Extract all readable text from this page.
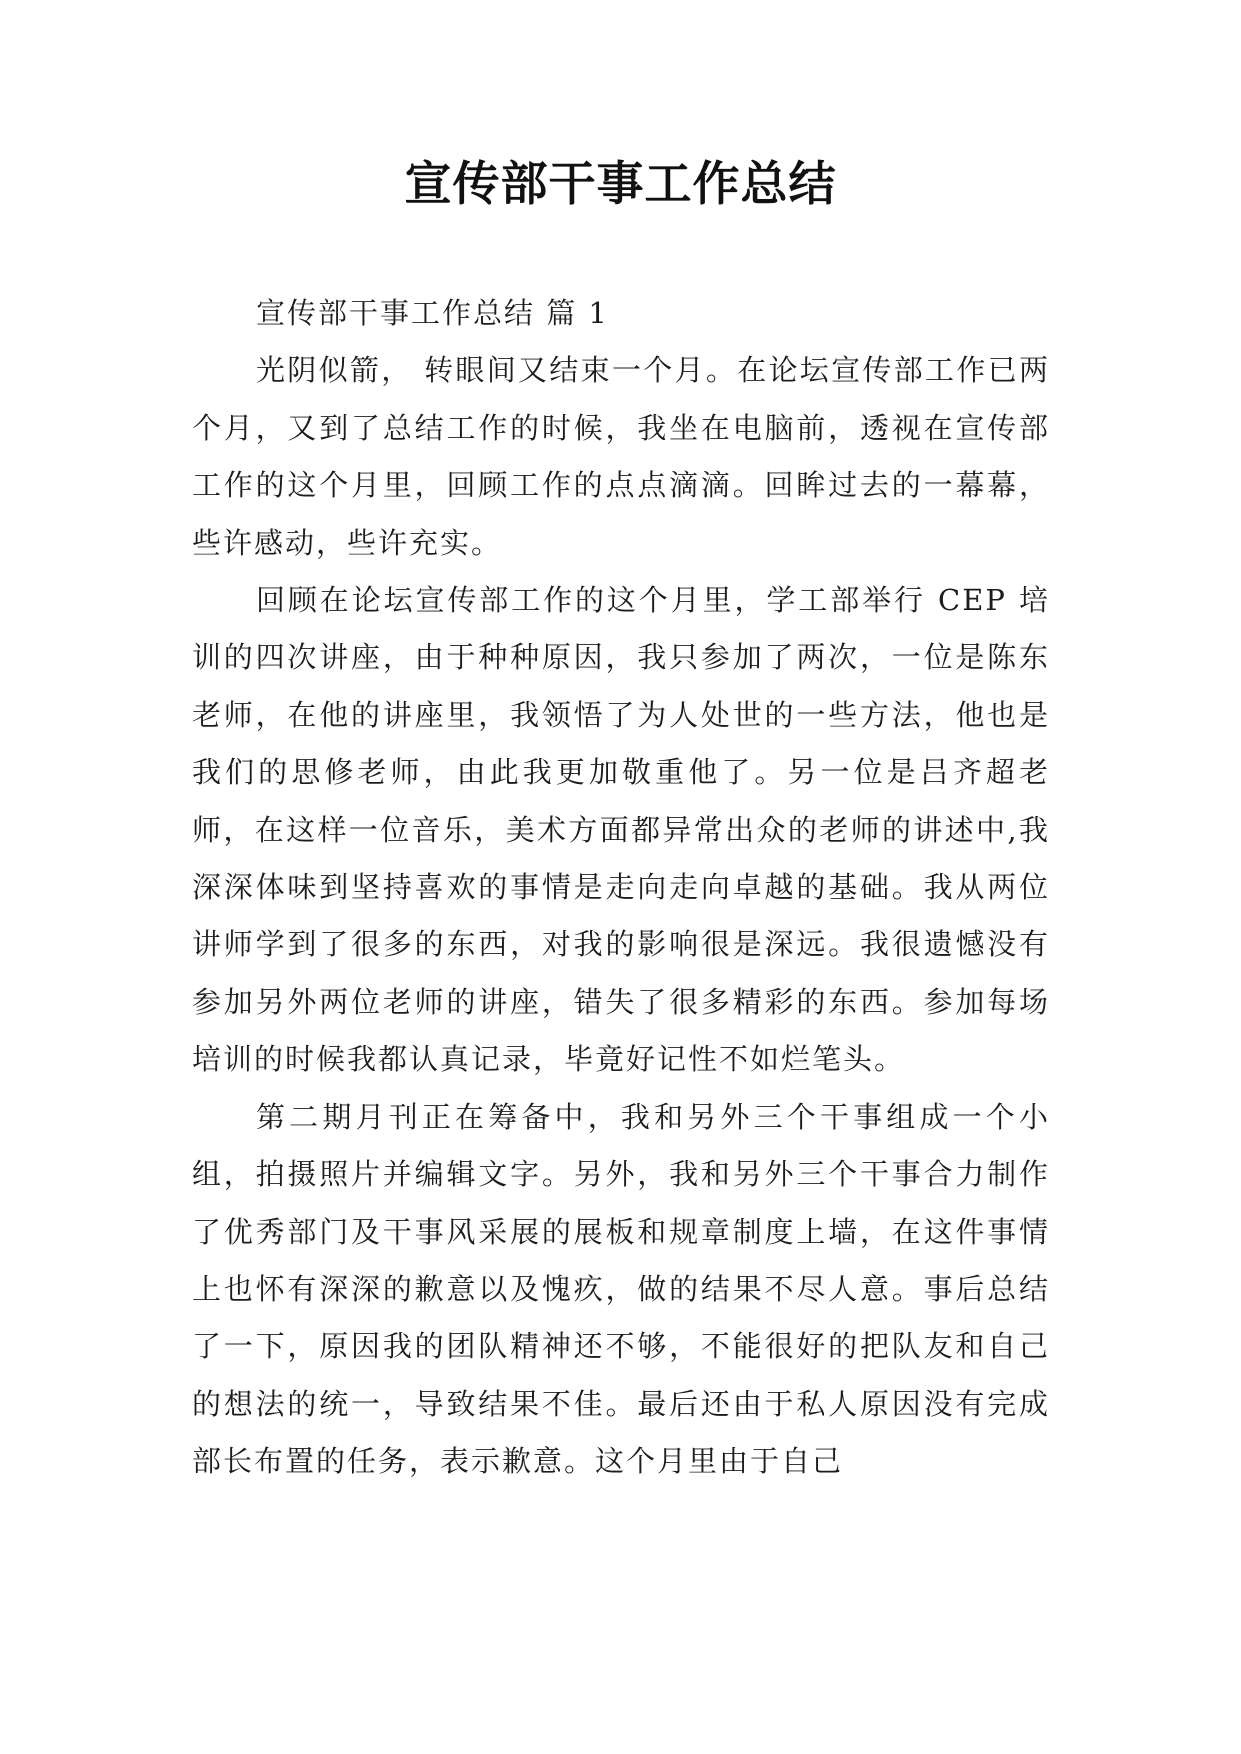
宣传部干事工作总结

宣传部干事工作总结 篇 1

光阴似箭， 转眼间又结束一个月。在论坛宣传部工作已两个月，又到了总结工作的时候，我坐在电脑前，透视在宣传部工作的这个月里，回顾工作的点点滴滴。回眸过去的一幕幕，些许感动，些许充实。

回顾在论坛宣传部工作的这个月里，学工部举行 CEP 培训的四次讲座，由于种种原因，我只参加了两次，一位是陈东老师，在他的讲座里，我领悟了为人处世的一些方法，他也是我们的思修老师，由此我更加敬重他了。另一位是吕齐超老师，在这样一位音乐，美术方面都异常出众的老师的讲述中,我深深体味到坚持喜欢的事情是走向走向卓越的基础。我从两位讲师学到了很多的东西，对我的影响很是深远。我很遗憾没有参加另外两位老师的讲座，错失了很多精彩的东西。参加每场培训的时候我都认真记录，毕竟好记性不如烂笔头。

第二期月刊正在筹备中，我和另外三个干事组成一个小组，拍摄照片并编辑文字。另外，我和另外三个干事合力制作了优秀部门及干事风采展的展板和规章制度上墙，在这件事情上也怀有深深的歉意以及愧疚，做的结果不尽人意。事后总结了一下，原因我的团队精神还不够，不能很好的把队友和自己的想法的统一，导致结果不佳。最后还由于私人原因没有完成部长布置的任务，表示歉意。这个月里由于自己
